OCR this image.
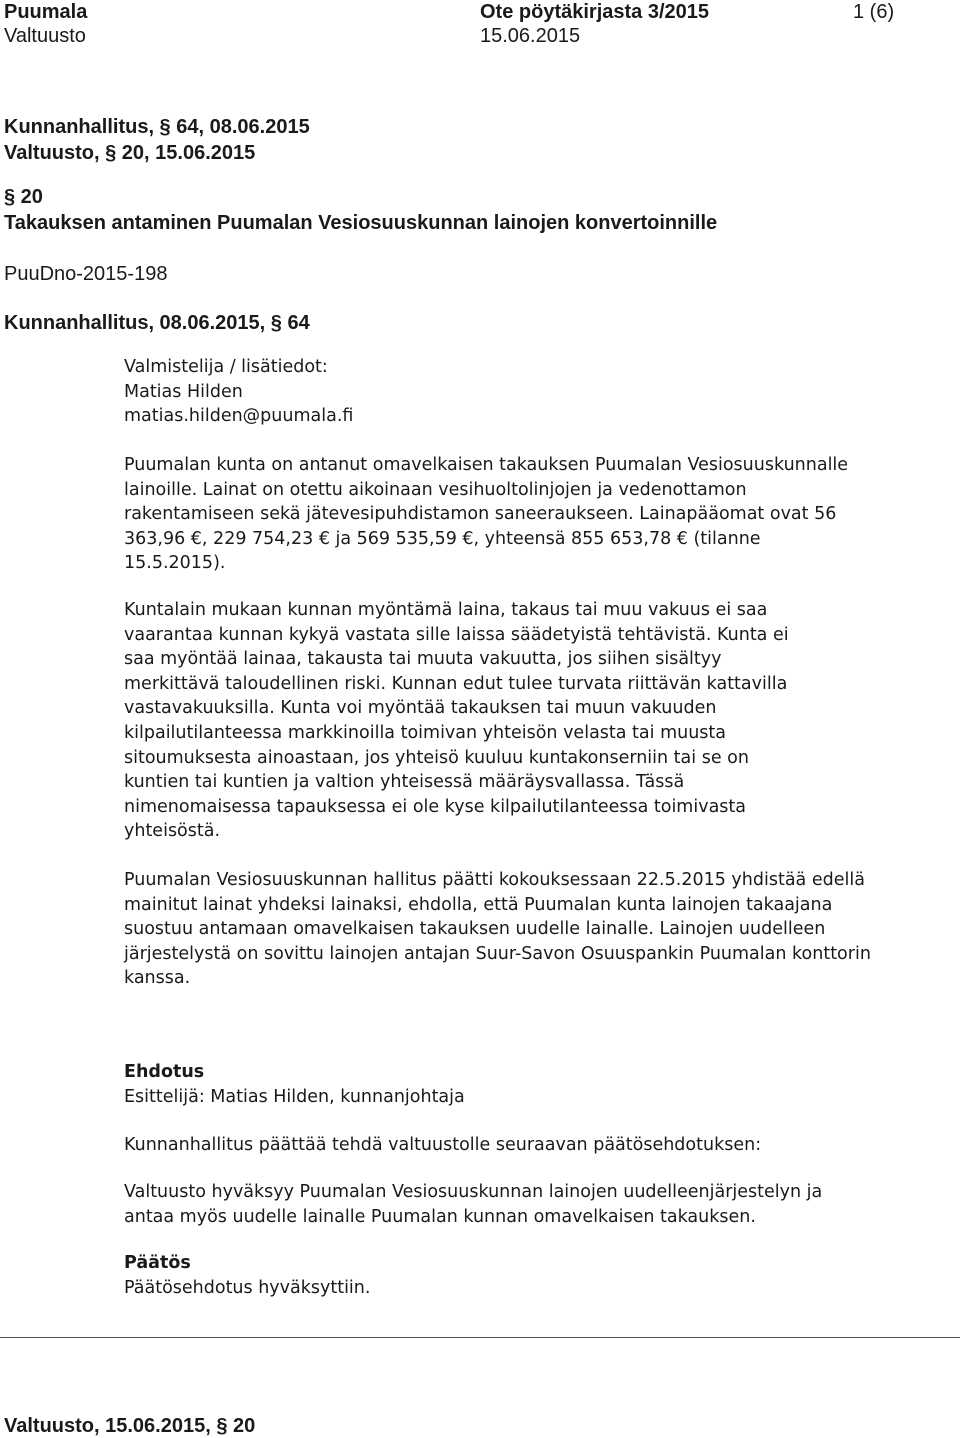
Puumala
Valtuusto
Ote pöytäkirjasta 3/2015
15.06.2015
1 (6)
Kunnanhallitus, § 64, 08.06.2015
Valtuusto, § 20, 15.06.2015
§ 20
Takauksen antaminen Puumalan Vesiosuuskunnan lainojen konvertoinnille
PuuDno-2015-198
Kunnanhallitus, 08.06.2015, § 64

Valmistelija / lisätiedot:

Matias Hilden

matias.hilden@puumala.fi

Puumalan kunta on antanut omavelkaisen takauksen Puumalan Vesiosuuskunnalle lainoille. Lainat on otettu aikoinaan vesihuoltolinjojen ja vedenottamon rakentamiseen sekä jätevesipuhdistamon saneeraukseen. Lainapääomat ovat 56 363,96 €, 229 754,23 € ja 569 535,59 €, yhteensä 855 653,78 € (tilanne 15.5.2015).

Kuntalain mukaan kunnan myöntämä laina, takaus tai muu vakuus ei saa vaarantaa kunnan kykyä vastata sille laissa säädetyistä tehtävistä. Kunta ei saa myöntää lainaa, takausta tai muuta vakuutta, jos siihen sisältyy merkittävä taloudellinen riski. Kunnan edut tulee turvata riittävän kattavilla vastavakuuksilla. Kunta voi myöntää takauksen tai muun vakuuden kilpailutilanteessa markkinoilla toimivan yhteisön velasta tai muusta sitoumuksesta ainoastaan, jos yhteisö kuuluu kuntakonserniin tai se on kuntien tai kuntien ja valtion yhteisessä määräysvallassa. Tässä nimenomaisessa tapauksessa ei ole kyse kilpailutilanteessa toimivasta yhteisöstä.

Puumalan Vesiosuuskunnan hallitus päätti kokouksessaan 22.5.2015 yhdistää edellä mainitut lainat yhdeksi lainaksi, ehdolla, että Puumalan kunta lainojen takaajana suostuu antamaan omavelkaisen takauksen uudelle lainalle. Lainojen uudelleen järjestelystä on sovittu lainojen antajan Suur-Savon Osuuspankin Puumalan konttorin kanssa.

Ehdotus

Esittelijä: Matias Hilden, kunnanjohtaja

Kunnanhallitus päättää tehdä valtuustolle seuraavan päätösehdotuksen:

Valtuusto hyväksyy Puumalan Vesiosuuskunnan lainojen uudelleenjärjestelyn ja antaa myös uudelle lainalle Puumalan kunnan omavelkaisen takauksen.

Päätös

Päätösehdotus hyväksyttiin.

Valtuusto, 15.06.2015, § 20
